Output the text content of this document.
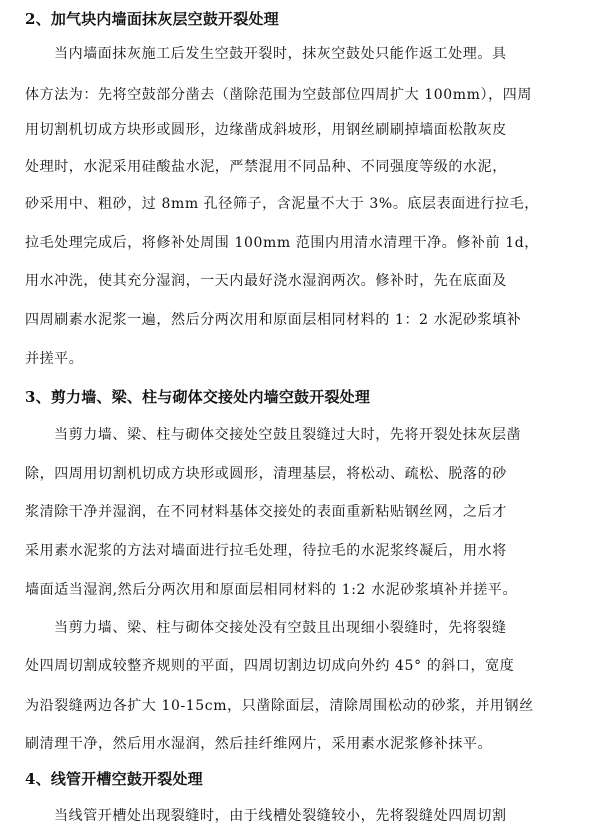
2、加气块内墙面抹灰层空鼓开裂处理
当内墙面抹灰施工后发生空鼓开裂时，抹灰空鼓处只能作返工处理。具
体方法为：先将空鼓部分凿去（凿除范围为空鼓部位四周扩大 100mm），四周
用切割机切成方块形或圆形，边缘凿成斜坡形，用钢丝刷刷掉墙面松散灰皮
处理时，水泥采用硅酸盐水泥，严禁混用不同品种、不同强度等级的水泥，
砂采用中、粗砂，过 8mm 孔径筛子，含泥量不大于 3%。底层表面进行拉毛，
拉毛处理完成后，将修补处周围 100mm 范围内用清水清理干净。修补前 1d，
用水冲洗，使其充分湿润，一天内最好浇水湿润两次。修补时，先在底面及
四周刷素水泥浆一遍，然后分两次用和原面层相同材料的 1：2 水泥砂浆填补
并搓平。
3、剪力墙、梁、柱与砌体交接处内墙空鼓开裂处理
当剪力墙、梁、柱与砌体交接处空鼓且裂缝过大时，先将开裂处抹灰层凿
除，四周用切割机切成方块形或圆形，清理基层，将松动、疏松、脱落的砂
浆清除干净并湿润，在不同材料基体交接处的表面重新粘贴钢丝网，之后才
采用素水泥浆的方法对墙面进行拉毛处理，待拉毛的水泥浆终凝后，用水将
墙面适当湿润,然后分两次用和原面层相同材料的 1:2 水泥砂浆填补并搓平。
当剪力墙、梁、柱与砌体交接处没有空鼓且出现细小裂缝时，先将裂缝
处四周切割成较整齐规则的平面，四周切割边切成向外约 45° 的斜口，宽度
为沿裂缝两边各扩大 10-15cm，只凿除面层，清除周围松动的砂浆，并用钢丝
刷清理干净，然后用水湿润，然后挂纤维网片，采用素水泥浆修补抹平。
4、线管开槽空鼓开裂处理
当线管开槽处出现裂缝时，由于线槽处裂缝较小，先将裂缝处四周切割
